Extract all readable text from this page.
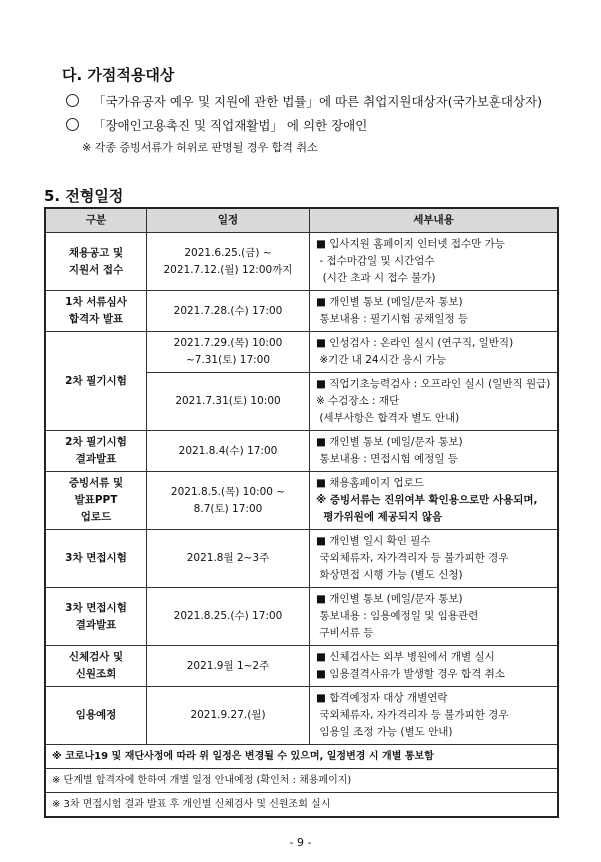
다. 가점적용대상
「국가유공자 예우 및 지원에 관한 법률」에 따른 취업지원대상자(국가보훈대상자)
「장애인고용촉진 및 직업재활법」 에 의한 장애인
※ 각종 증빙서류가 허위로 판명될 경우 합격 취소
5. 전형일정
구분	일정	세부내용

채용공고 및
지원서 접수	2021.6.25.(금) ~
2021.7.12.(월) 12:00까지	■ 입사지원 홈페이지 인터넷 접수만 가능
- 접수마감일 및 시간엄수
(시간 초과 시 접수 불가)

1차 서류심사
합격자 발표	2021.7.28.(수) 17:00	■ 개인별 통보 (메일/문자 통보)
통보내용 : 필기시험 공채일정 등

2차 필기시험	2021.7.29.(목) 10:00
~7.31(토) 17:00	■ 인성검사 : 온라인 실시 (연구직, 일반직)
※기간 내 24시간 응시 가능

	2021.7.31(토) 10:00	■ 직업기초능력검사 : 오프라인 실시 (일반직 원급)
※ 수검장소 : 재단
(세부사항은 합격자 별도 안내)

2차 필기시험
결과발표	2021.8.4(수) 17:00	■ 개인별 통보 (메일/문자 통보)
통보내용 : 면접시험 예정일 등

증빙서류 및
발표PPT
업로드	2021.8.5.(목) 10:00 ~
8.7(토) 17:00	■ 채용홈페이지 업로드
※ 증빙서류는 진위여부 확인용으로만 사용되며,
평가위원에 제공되지 않음

3차 면접시험	2021.8월 2~3주	■ 개인별 일시 확인 필수
국외체류자, 자가격리자 등 불가피한 경우
화상면접 시행 가능 (별도 신청)

3차 면접시험
결과발표	2021.8.25.(수) 17:00	■ 개인별 통보 (메일/문자 통보)
통보내용 : 임용예정일 및 임용관련
구비서류 등

신체검사 및
신원조회	2021.9월 1~2주	■ 신체검사는 외부 병원에서 개별 실시
■ 임용결격사유가 발생할 경우 합격 취소

임용예정	2021.9.27.(월)	■ 합격예정자 대상 개별연락
국외체류자, 자가격리자 등 불가피한 경우
임용일 조정 가능 (별도 안내)

※ 코로나19 및 재단사정에 따라 위 일정은 변경될 수 있으며, 일정변경 시 개별 통보함		
※ 단계별 합격자에 한하여 개별 일정 안내예정 (확인처 : 채용페이지)		
※ 3차 면접시험 결과 발표 후 개인별 신체검사 및 신원조회 실시		
- 9 -
